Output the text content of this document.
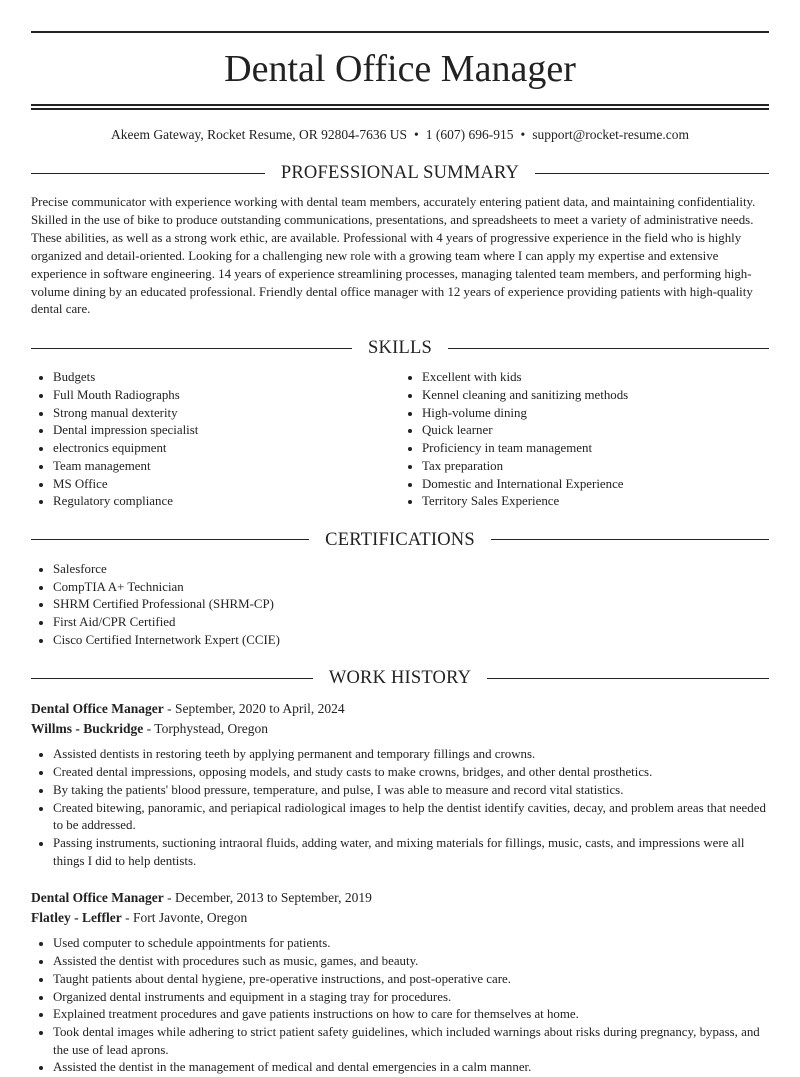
Dental Office Manager
Akeem Gateway, Rocket Resume, OR 92804-7636 US • 1 (607) 696-915 • support@rocket-resume.com
PROFESSIONAL SUMMARY

Precise communicator with experience working with dental team members, accurately entering patient data, and maintaining confidentiality. Skilled in the use of bike to produce outstanding communications, presentations, and spreadsheets to meet a variety of administrative needs. These abilities, as well as a strong work ethic, are available. Professional with 4 years of progressive experience in the field who is highly organized and detail-oriented. Looking for a challenging new role with a growing team where I can apply my expertise and extensive experience in software engineering. 14 years of experience streamlining processes, managing talented team members, and performing high-volume dining by an educated professional. Friendly dental office manager with 12 years of experience providing patients with high-quality dental care.

SKILLS
• Budgets
• Full Mouth Radiographs
• Strong manual dexterity
• Dental impression specialist
• electronics equipment
• Team management
• MS Office
• Regulatory compliance
• Excellent with kids
• Kennel cleaning and sanitizing methods
• High-volume dining
• Quick learner
• Proficiency in team management
• Tax preparation
• Domestic and International Experience
• Territory Sales Experience
CERTIFICATIONS
• Salesforce
• CompTIA A+ Technician
• SHRM Certified Professional (SHRM-CP)
• First Aid/CPR Certified
• Cisco Certified Internetwork Expert (CCIE)
WORK HISTORY
Dental Office Manager - September, 2020 to April, 2024
Willms - Buckridge - Torphystead, Oregon
• Assisted dentists in restoring teeth by applying permanent and temporary fillings and crowns.
• Created dental impressions, opposing models, and study casts to make crowns, bridges, and other dental prosthetics.
• By taking the patients' blood pressure, temperature, and pulse, I was able to measure and record vital statistics.
• Created bitewing, panoramic, and periapical radiological images to help the dentist identify cavities, decay, and problem areas that needed to be addressed.
• Passing instruments, suctioning intraoral fluids, adding water, and mixing materials for fillings, music, casts, and impressions were all things I did to help dentists.
Dental Office Manager - December, 2013 to September, 2019
Flatley - Leffler - Fort Javonte, Oregon
• Used computer to schedule appointments for patients.
• Assisted the dentist with procedures such as music, games, and beauty.
• Taught patients about dental hygiene, pre-operative instructions, and post-operative care.
• Organized dental instruments and equipment in a staging tray for procedures.
• Explained treatment procedures and gave patients instructions on how to care for themselves at home.
• Took dental images while adhering to strict patient safety guidelines, which included warnings about risks during pregnancy, bypass, and the use of lead aprons.
• Assisted the dentist in the management of medical and dental emergencies in a calm manner.
